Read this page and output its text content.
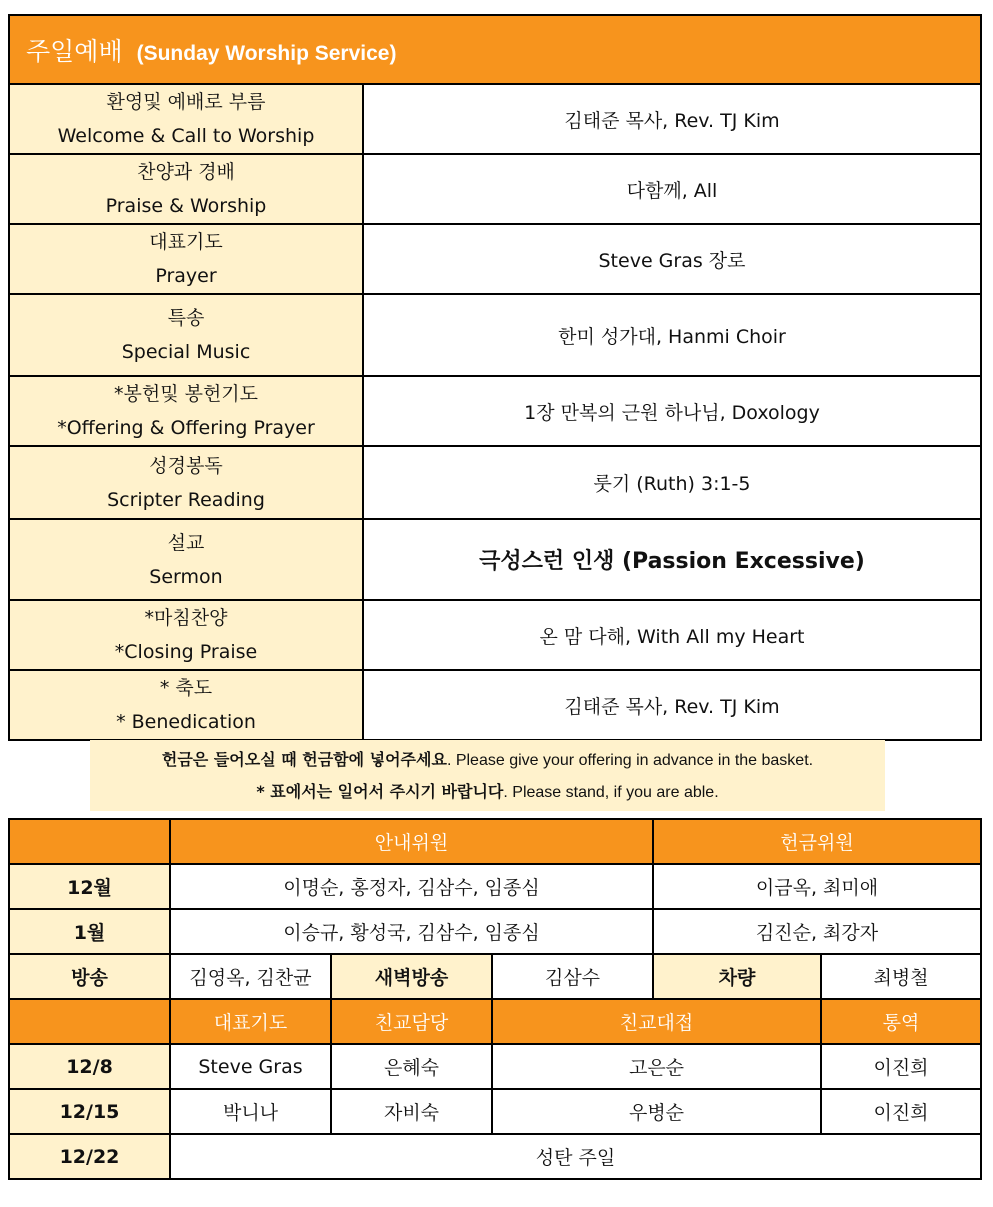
주일예배 (Sunday Worship Service)	

환영및 예배로 부름
Welcome & Call to Worship	김태준 목사, Rev. TJ Kim

찬양과 경배
Praise & Worship	다함께, All

대표기도
Prayer	Steve Gras 장로

특송
Special Music	한미 성가대, Hanmi Choir

*봉헌및 봉헌기도
*Offering & Offering Prayer	1장 만복의 근원 하나님, Doxology

성경봉독
Scripter Reading	룻기 (Ruth) 3:1-5

설교
Sermon	극성스런 인생 (Passion Excessive)

*마침찬양
*Closing Praise	온 맘 다해, With All my Heart

* 축도
* Benedication	김태준 목사, Rev. TJ Kim
헌금은 들어오실 때 헌금함에 넣어주세요. Please give your offering in advance in the basket.
* 표에서는 일어서 주시기 바랍니다. Please stand, if you are able.
	안내위원			헌금위원	
12월	이명순, 홍정자, 김삼수, 임종심			이금옥, 최미애	
1월	이승규, 황성국, 김삼수, 임종심			김진순, 최강자	
방송	김영옥, 김찬균	새벽방송	김삼수	차량	최병철
	대표기도	친교담당	친교대접		통역
12/8	Steve Gras	은혜숙	고은순		이진희
12/15	박니나	자비숙	우병순		이진희
12/22	성탄 주일				
